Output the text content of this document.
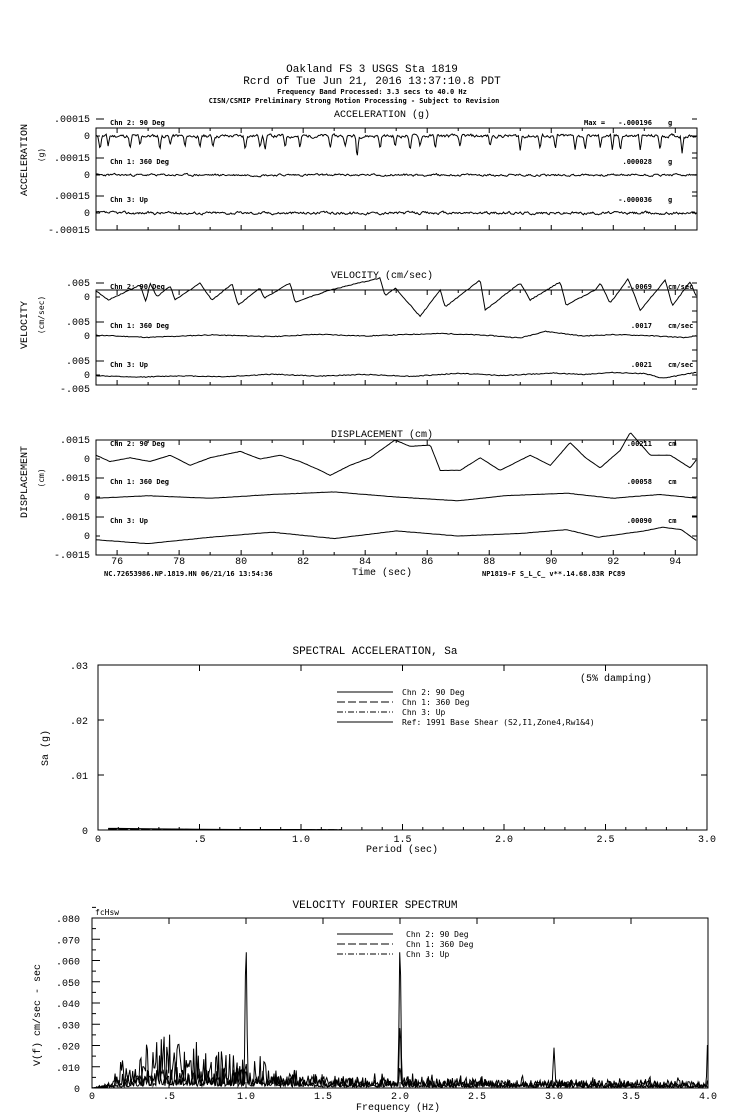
Oakland FS 3 USGS Sta 1819
Rcrd of Tue Jun 21, 2016 13:37:10.8 PDT
Frequency Band Processed: 3.3 secs to 40.0 Hz
CISN/CSMIP Preliminary Strong Motion Processing - Subject to Revision
ACCELERATION (g)
VELOCITY (cm/sec)
DISPLACEMENT (cm)
ACCELERATION (g)
VELOCITY (cm/sec)
DISPLACEMENT (cm)
.00015
0
Chn 2: 90 Deg	Max = -.000196 g
.00015
0
Chn 1: 360 Deg	.000028 g
.00015
0
-.00015
Chn 3: Up	-.000036 g
.005
0
Chn 2: 90 Deg	-.0069 cm/sec
.005
0
Chn 1: 360 Deg	.0017 cm/sec
.005
0
-.005
Chn 3: Up	.0021 cm/sec
.0015
0
Chn 2: 90 Deg	.00211 cm
.0015
0
Chn 1: 360 Deg	.00058 cm
.0015
0
-.0015
Chn 3: Up	.00090 cm
76	78	80	82	84	86	88	90	92	94
Time (sec)
NC.72653986.NP.1819.HN 06/21/16 13:54:36	NP1819-F S_L_C_ v**.14.68.83R PC89
SPECTRAL ACCELERATION, Sa
(5% damping)
Sa (g)
Period (sec)
0	.5	1.0	1.5	2.0	2.5	3.0
.03
.02
.01
0
Chn 2: 90 Deg
Chn 1: 360 Deg
Chn 3: Up
Ref: 1991 Base Shear (S2,I1,Zone4,Rw1&4)
VELOCITY FOURIER SPECTRUM
fcHsw
V(f) cm/sec - sec
Frequency (Hz)
0	.5	1.0	1.5	2.0	2.5	3.0	3.5	4.0
.080
.070
.060
.050
.040
.030
.020
.010
0
Chn 2: 90 Deg
Chn 1: 360 Deg
Chn 3: Up
